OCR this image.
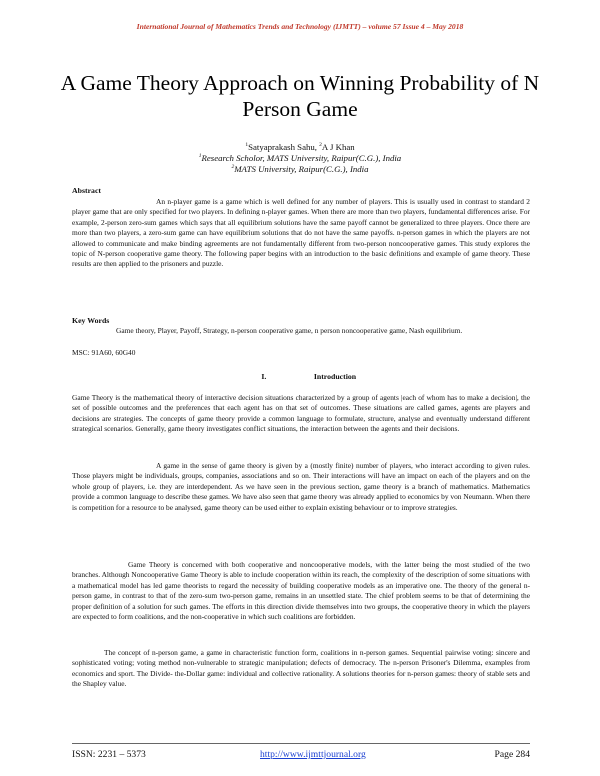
International Journal of Mathematics Trends and Technology (IJMTT) – volume 57 Issue 4 – May 2018
A Game Theory Approach on Winning Probability of N Person Game
$^1$Satyaprakash Sahu, $^2$A J Khan
$^1$Research Scholor, MATS University, Raipur(C.G.), India
$^2$MATS University, Raipur(C.G.), India
Abstract
An n-player game is a game which is well defined for any number of players. This is usually used in contrast to standard 2 player game that are only specified for two players. In defining n-player games. When there are more than two players, fundamental differences arise. For example, 2-person zero-sum games which says that all equilibrium solutions have the same payoff cannot be generalized to three players. Once there are more than two players, a zero-sum game can have equilibrium solutions that do not have the same payoffs. n-person games in which the players are not allowed to communicate and make binding agreements are not fundamentally different from two-person noncooperative games. This study explores the topic of N-person cooperative game theory. The following paper begins with an introduction to the basic definitions and example of game theory. These results are then applied to the prisoners and puzzle.
Key Words
Game theory, Player, Payoff, Strategy, n-person cooperative game, n person noncooperative game, Nash equilibrium.
MSC: 91A60, 60G40
I.	Introduction
Game Theory is the mathematical theory of interactive decision situations characterized by a group of agents |each of whom has to make a decision|, the set of possible outcomes and the preferences that each agent has on that set of outcomes. These situations are called games, agents are players and decisions are strategies. The concepts of game theory provide a common language to formulate, structure, analyse and eventually understand different strategical scenarios. Generally, game theory investigates conflict situations, the interaction between the agents and their decisions.
A game in the sense of game theory is given by a (mostly finite) number of players, who interact according to given rules. Those players might be individuals, groups, companies, associations and so on. Their interactions will have an impact on each of the players and on the whole group of players, i.e. they are interdependent. As we have seen in the previous section, game theory is a branch of mathematics. Mathematics provide a common language to describe these games. We have also seen that game theory was already applied to economics by von Neumann. When there is competition for a resource to be analysed, game theory can be used either to explain existing behaviour or to improve strategies.
Game Theory is concerned with both cooperative and noncooperative models, with the latter being the most studied of the two branches. Although Noncooperative Game Theory is able to include cooperation within its reach, the complexity of the description of some situations with a mathematical model has led game theorists to regard the necessity of building cooperative models as an imperative one. The theory of the general n-person game, in contrast to that of the zero-sum two-person game, remains in an unsettled state. The chief problem seems to be that of determining the proper definition of a solution for such games. The efforts in this direction divide themselves into two groups, the cooperative theory in which the players are expected to form coalitions, and the non-cooperative in which such coalitions are forbidden.
The concept of n-person game, a game in characteristic function form, coalitions in n-person games. Sequential pairwise voting: sincere and sophisticated voting; voting method non-vulnerable to strategic manipulation; defects of democracy. The n-person Prisoner's Dilemma, examples from economics and sport. The Divide- the-Dollar game: individual and collective rationality. A solutions theories for n-person games: theory of stable sets and the Shapley value.
ISSN: 2231 – 5373	http://www.ijmttjournal.org	Page 284
